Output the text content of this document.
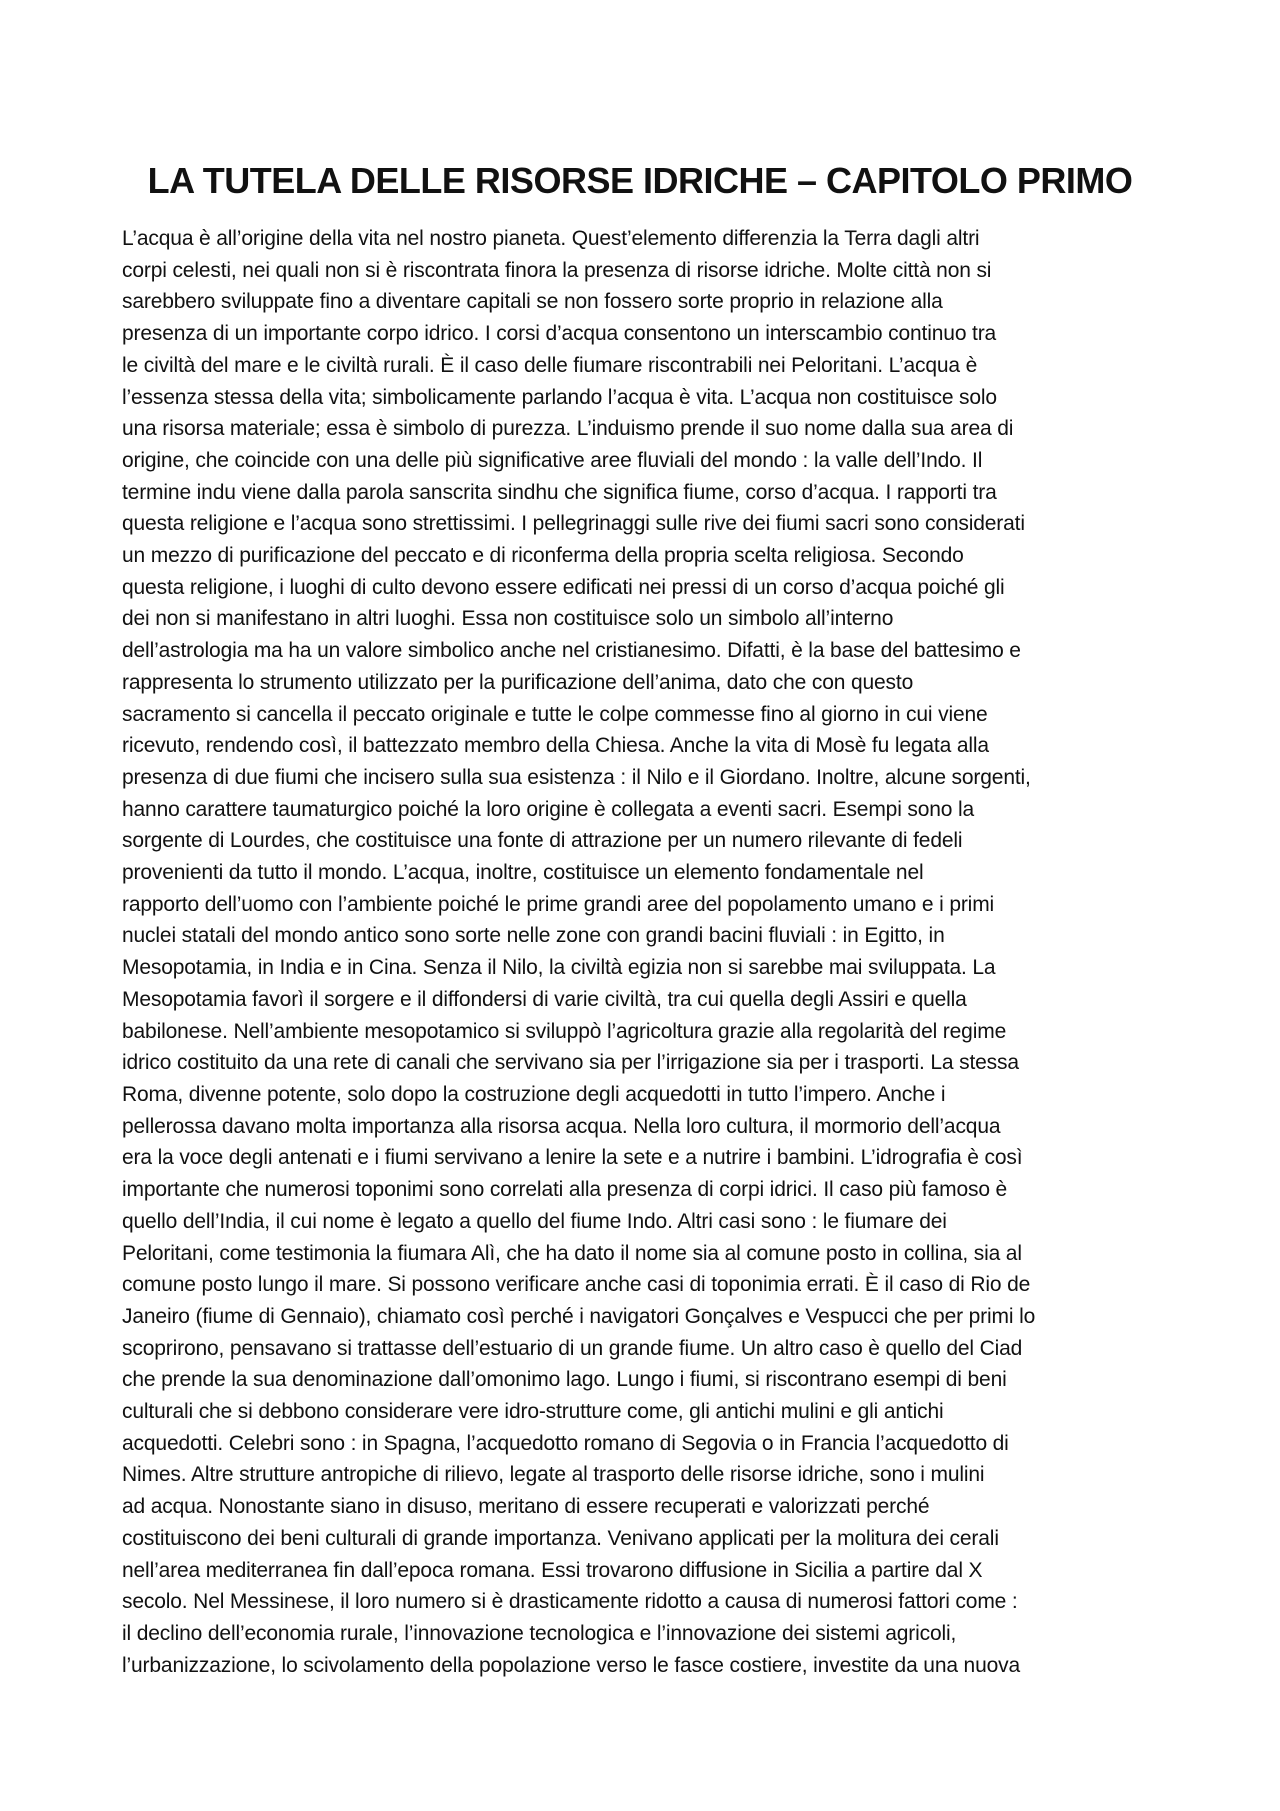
LA TUTELA DELLE RISORSE IDRICHE – CAPITOLO PRIMO
L’acqua è all’origine della vita nel nostro pianeta. Quest’elemento differenzia la Terra dagli altri
corpi celesti, nei quali non si è riscontrata finora la presenza di risorse idriche. Molte città non si
sarebbero sviluppate fino a diventare capitali se non fossero sorte proprio in relazione alla
presenza di un importante corpo idrico. I corsi d’acqua consentono un interscambio continuo tra
le civiltà del mare e le civiltà rurali. È il caso delle fiumare riscontrabili nei Peloritani. L’acqua è
l’essenza stessa della vita; simbolicamente parlando l’acqua è vita. L’acqua non costituisce solo
una risorsa materiale; essa è simbolo di purezza. L’induismo prende il suo nome dalla sua area di
origine, che coincide con una delle più significative aree fluviali del mondo : la valle dell’Indo. Il
termine indu viene dalla parola sanscrita sindhu che significa fiume, corso d’acqua. I rapporti tra
questa religione e l’acqua sono strettissimi. I pellegrinaggi sulle rive dei fiumi sacri sono considerati
un mezzo di purificazione del peccato e di riconferma della propria scelta religiosa. Secondo
questa religione, i luoghi di culto devono essere edificati nei pressi di un corso d’acqua poiché gli
dei non si manifestano in altri luoghi. Essa non costituisce solo un simbolo all’interno
dell’astrologia ma ha un valore simbolico anche nel cristianesimo. Difatti, è la base del battesimo e
rappresenta lo strumento utilizzato per la purificazione dell’anima, dato che con questo
sacramento si cancella il peccato originale e tutte le colpe commesse fino al giorno in cui viene
ricevuto, rendendo così, il battezzato membro della Chiesa. Anche la vita di Mosè fu legata alla
presenza di due fiumi che incisero sulla sua esistenza : il Nilo e il Giordano. Inoltre, alcune sorgenti,
hanno carattere taumaturgico poiché la loro origine è collegata a eventi sacri. Esempi sono la
sorgente di Lourdes, che costituisce una fonte di attrazione per un numero rilevante di fedeli
provenienti da tutto il mondo. L’acqua, inoltre, costituisce un elemento fondamentale nel
rapporto dell’uomo con l’ambiente poiché le prime grandi aree del popolamento umano e i primi
nuclei statali del mondo antico sono sorte nelle zone con grandi bacini fluviali : in Egitto, in
Mesopotamia, in India e in Cina. Senza il Nilo, la civiltà egizia non si sarebbe mai sviluppata. La
Mesopotamia favorì il sorgere e il diffondersi di varie civiltà, tra cui quella degli Assiri e quella
babilonese. Nell’ambiente mesopotamico si sviluppò l’agricoltura grazie alla regolarità del regime
idrico costituito da una rete di canali che servivano sia per l’irrigazione sia per i trasporti. La stessa
Roma, divenne potente, solo dopo la costruzione degli acquedotti in tutto l’impero. Anche i
pellerossa davano molta importanza alla risorsa acqua. Nella loro cultura, il mormorio dell’acqua
era la voce degli antenati e i fiumi servivano a lenire la sete e a nutrire i bambini. L’idrografia è così
importante che numerosi toponimi sono correlati alla presenza di corpi idrici. Il caso più famoso è
quello dell’India, il cui nome è legato a quello del fiume Indo. Altri casi sono : le fiumare dei
Peloritani, come testimonia la fiumara Alì, che ha dato il nome sia al comune posto in collina, sia al
comune posto lungo il mare. Si possono verificare anche casi di toponimia errati. È il caso di Rio de
Janeiro (fiume di Gennaio), chiamato così perché i navigatori Gonçalves e Vespucci che per primi lo
scoprirono, pensavano si trattasse dell’estuario di un grande fiume. Un altro caso è quello del Ciad
che prende la sua denominazione dall’omonimo lago. Lungo i fiumi, si riscontrano esempi di beni
culturali che si debbono considerare vere idro-strutture come, gli antichi mulini e gli antichi
acquedotti. Celebri sono : in Spagna, l’acquedotto romano di Segovia o in Francia l’acquedotto di
Nimes. Altre strutture antropiche di rilievo, legate al trasporto delle risorse idriche, sono i mulini
ad acqua. Nonostante siano in disuso, meritano di essere recuperati e valorizzati perché
costituiscono dei beni culturali di grande importanza. Venivano applicati per la molitura dei cerali
nell’area mediterranea fin dall’epoca romana. Essi trovarono diffusione in Sicilia a partire dal X
secolo. Nel Messinese, il loro numero si è drasticamente ridotto a causa di numerosi fattori come :
il declino dell’economia rurale, l’innovazione tecnologica e l’innovazione dei sistemi agricoli,
l’urbanizzazione, lo scivolamento della popolazione verso le fasce costiere, investite da una nuova
